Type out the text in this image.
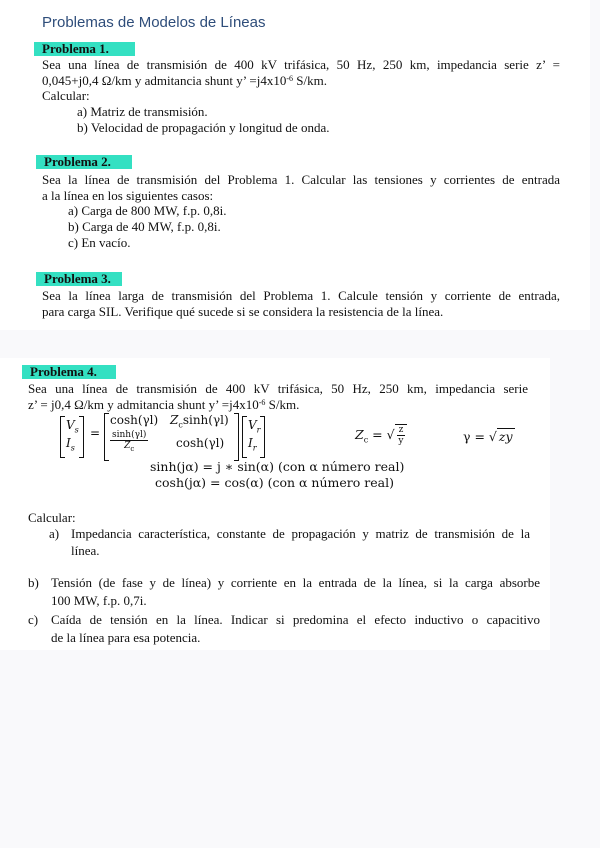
Problemas de Modelos de Líneas
Problema 1.
Sea una línea de transmisión de 400 kV trifásica, 50 Hz, 250 km, impedancia serie z’ =
0,045+j0,4 Ω/km y admitancia shunt y’ $=j4x10^{-6}$ S/km.
Calcular:
a) Matriz de transmisión.
b) Velocidad de propagación y longitud de onda.
Problema 2.
Sea la línea de transmisión del Problema 1. Calcular las tensiones y corrientes de entrada
a la línea en los siguientes casos:
a) Carga de 800 MW, f.p. 0,8i.
b) Carga de 40 MW, f.p. 0,8i.
c) En vacío.
Problema 3.
Sea la línea larga de transmisión del Problema 1. Calcule tensión y corriente de entrada,
para carga SIL. Verifique qué sucede si se considera la resistencia de la línea.
Problema 4.
Sea una línea de transmisión de 400 kV trifásica, 50 Hz, 250 km, impedancia serie
z’ = j0,4 Ω/km y admitancia shunt y’ $=j4x10^{-6}$ S/km.
$V_s$
$I_s$
=
cosh(γl) $Z_c\sinh(\gamma l)$
$\frac{\sinh(\gamma l)}{Z_c} \cosh(\gamma l)$
$V_r$
$I_r$
$Z_c$ = √ $\frac{z}{y}$	γ = √ zy
sinh(jα) = j ∗ sin(α) (con α número real)
cosh(jα) = cos(α) (con α número real)
Calcular:
a) Impedancia característica, constante de propagación y matriz de transmisión de la
línea.
b) Tensión (de fase y de línea) y corriente en la entrada de la línea, si la carga absorbe
100 MW, f.p. 0,7i.
c) Caída de tensión en la línea. Indicar si predomina el efecto inductivo o capacitivo
de la línea para esa potencia.
